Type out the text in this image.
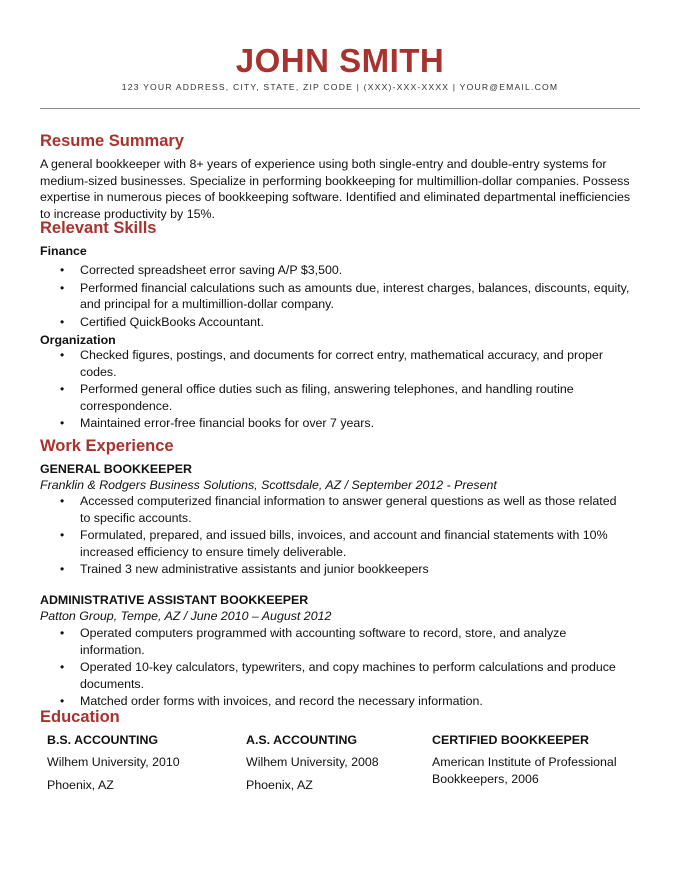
JOHN SMITH
123 YOUR ADDRESS, CITY, STATE, ZIP CODE | (XXX)-XXX-XXXX | YOUR@EMAIL.COM
Resume Summary
A general bookkeeper with 8+ years of experience using both single-entry and double-entry systems for medium-sized businesses. Specialize in performing bookkeeping for multimillion-dollar companies. Possess expertise in numerous pieces of bookkeeping software. Identified and eliminated departmental inefficiencies to increase productivity by 15%.
Relevant Skills
Finance
• Corrected spreadsheet error saving A/P $3,500.
• Performed financial calculations such as amounts due, interest charges, balances, discounts, equity, and principal for a multimillion-dollar company.
• Certified QuickBooks Accountant.
Organization
• Checked figures, postings, and documents for correct entry, mathematical accuracy, and proper codes.
• Performed general office duties such as filing, answering telephones, and handling routine correspondence.
• Maintained error-free financial books for over 7 years.
Work Experience
GENERAL BOOKKEEPER
Franklin & Rodgers Business Solutions, Scottsdale, AZ / September 2012 - Present
• Accessed computerized financial information to answer general questions as well as those related to specific accounts.
• Formulated, prepared, and issued bills, invoices, and account and financial statements with 10% increased efficiency to ensure timely deliverable.
• Trained 3 new administrative assistants and junior bookkeepers
ADMINISTRATIVE ASSISTANT BOOKKEEPER
Patton Group, Tempe, AZ / June 2010 – August 2012
• Operated computers programmed with accounting software to record, store, and analyze information.
• Operated 10-key calculators, typewriters, and copy machines to perform calculations and produce documents.
• Matched order forms with invoices, and record the necessary information.
Education
B.S. ACCOUNTING
Wilhem University, 2010
Phoenix, AZ
A.S. ACCOUNTING
Wilhem University, 2008
Phoenix, AZ
CERTIFIED BOOKKEEPER
American Institute of Professional Bookkeepers, 2006
